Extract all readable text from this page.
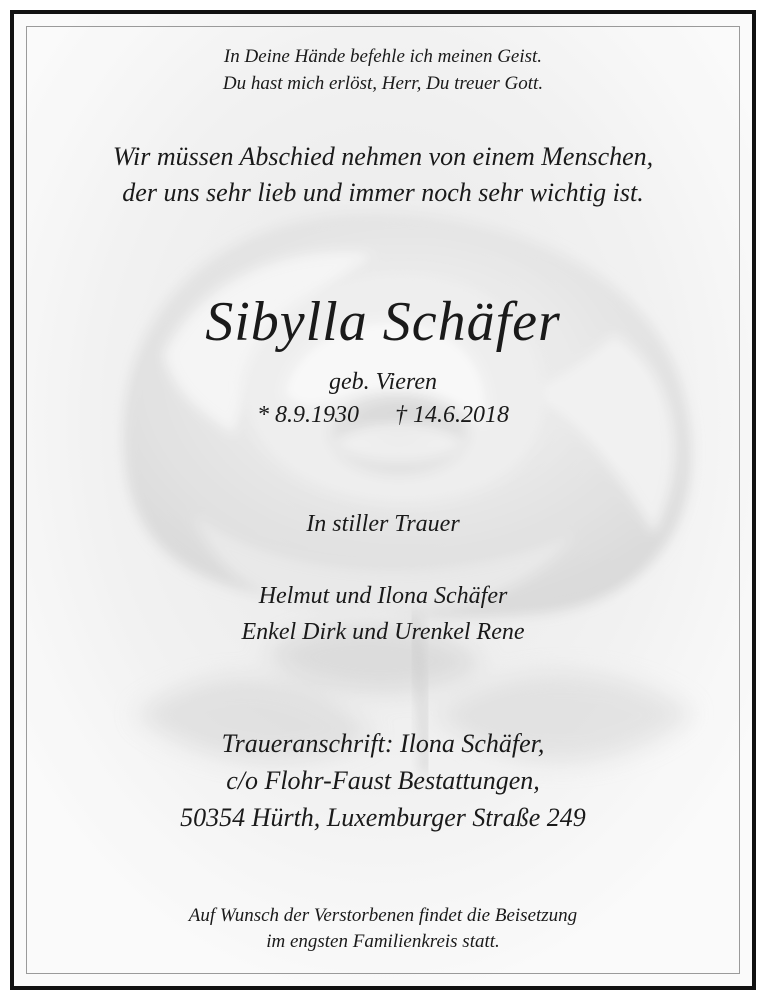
In Deine Hände befehle ich meinen Geist.
Du hast mich erlöst, Herr, Du treuer Gott.
Wir müssen Abschied nehmen von einem Menschen,
der uns sehr lieb und immer noch sehr wichtig ist.
Sibylla Schäfer
geb. Vieren
* 8.9.1930 † 14.6.2018
In stiller Trauer
Helmut und Ilona Schäfer
Enkel Dirk und Urenkel Rene
Traueranschrift: Ilona Schäfer,
c/o Flohr-Faust Bestattungen,
50354 Hürth, Luxemburger Straße 249
Auf Wunsch der Verstorbenen findet die Beisetzung
im engsten Familienkreis statt.
